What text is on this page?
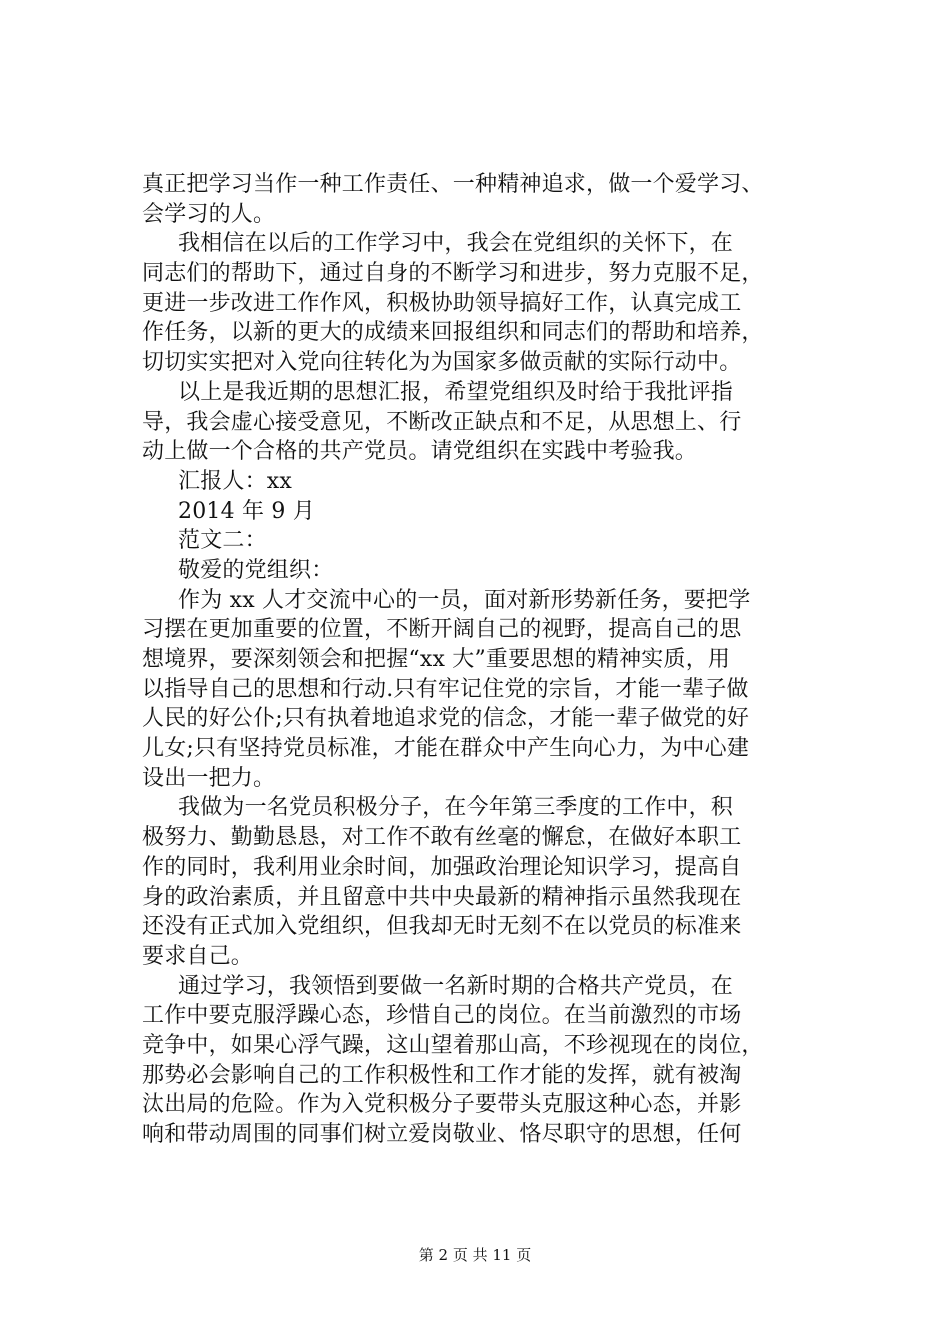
真正把学习当作一种工作责任、一种精神追求，做一个爱学习、
会学习的人。
我相信在以后的工作学习中，我会在党组织的关怀下，在
同志们的帮助下，通过自身的不断学习和进步，努力克服不足，
更进一步改进工作作风，积极协助领导搞好工作，认真完成工
作任务，以新的更大的成绩来回报组织和同志们的帮助和培养，
切切实实把对入党向往转化为为国家多做贡献的实际行动中。
以上是我近期的思想汇报，希望党组织及时给于我批评指
导，我会虚心接受意见，不断改正缺点和不足，从思想上、行
动上做一个合格的共产党员。请党组织在实践中考验我。
汇报人：xx
2014 年 9 月
范文二：
敬爱的党组织：
作为 xx 人才交流中心的一员，面对新形势新任务，要把学
习摆在更加重要的位置，不断开阔自己的视野，提高自己的思
想境界，要深刻领会和把握“xx 大”重要思想的精神实质，用
以指导自己的思想和行动.只有牢记住党的宗旨，才能一辈子做
人民的好公仆;只有执着地追求党的信念，才能一辈子做党的好
儿女;只有坚持党员标准，才能在群众中产生向心力，为中心建
设出一把力。
我做为一名党员积极分子，在今年第三季度的工作中，积
极努力、勤勤恳恳，对工作不敢有丝毫的懈怠，在做好本职工
作的同时，我利用业余时间，加强政治理论知识学习，提高自
身的政治素质，并且留意中共中央最新的精神指示虽然我现在
还没有正式加入党组织，但我却无时无刻不在以党员的标准来
要求自己。
通过学习，我领悟到要做一名新时期的合格共产党员，在
工作中要克服浮躁心态，珍惜自己的岗位。在当前激烈的市场
竞争中，如果心浮气躁，这山望着那山高，不珍视现在的岗位，
那势必会影响自己的工作积极性和工作才能的发挥，就有被淘
汰出局的危险。作为入党积极分子要带头克服这种心态，并影
响和带动周围的同事们树立爱岗敬业、恪尽职守的思想，任何
第 2 页 共 11 页
